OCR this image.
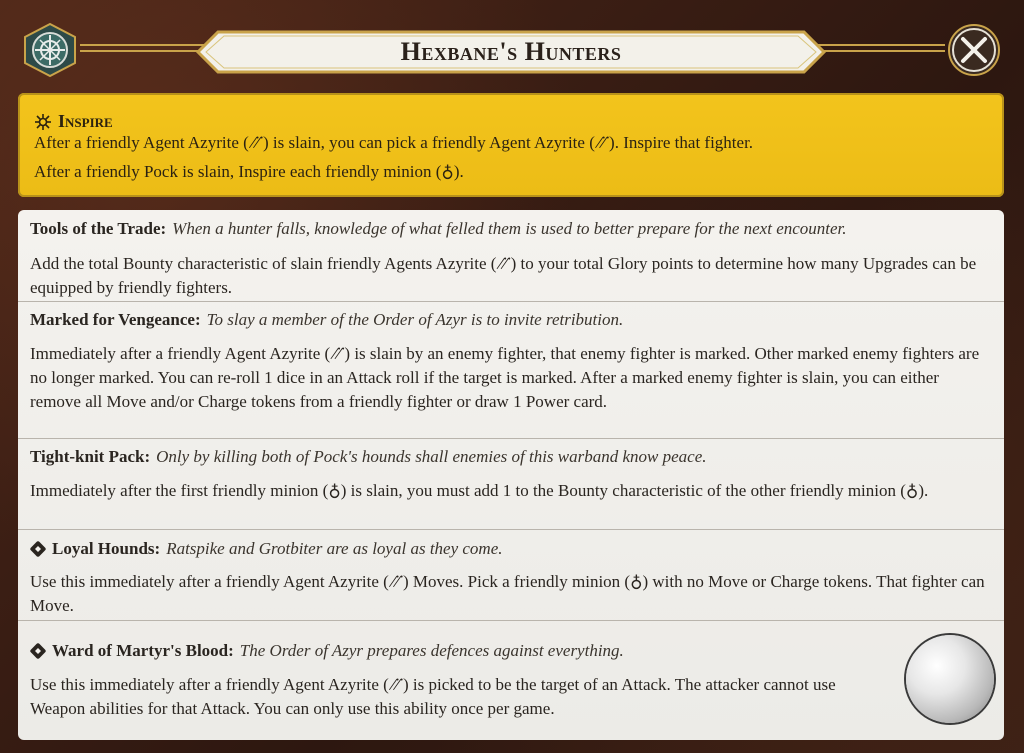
Hexbane's Hunters
Inspire
After a friendly Agent Azyrite (⳼) is slain, you can pick a friendly Agent Azyrite (⳼). Inspire that fighter.
After a friendly Pock is slain, Inspire each friendly minion (♁).
Tools of the Trade: When a hunter falls, knowledge of what felled them is used to better prepare for the next encounter.
Add the total Bounty characteristic of slain friendly Agents Azyrite (⳼) to your total Glory points to determine how many Upgrades can be equipped by friendly fighters.
Marked for Vengeance: To slay a member of the Order of Azyr is to invite retribution.
Immediately after a friendly Agent Azyrite (⳼) is slain by an enemy fighter, that enemy fighter is marked. Other marked enemy fighters are no longer marked. You can re-roll 1 dice in an Attack roll if the target is marked. After a marked enemy fighter is slain, you can either remove all Move and/or Charge tokens from a friendly fighter or draw 1 Power card.
Tight-knit Pack: Only by killing both of Pock's hounds shall enemies of this warband know peace.
Immediately after the first friendly minion (♁) is slain, you must add 1 to the Bounty characteristic of the other friendly minion (♁).
Loyal Hounds: Ratspike and Grotbiter are as loyal as they come.
Use this immediately after a friendly Agent Azyrite (⳼) Moves. Pick a friendly minion (♁) with no Move or Charge tokens. That fighter can Move.
Ward of Martyr's Blood: The Order of Azyr prepares defences against everything.
Use this immediately after a friendly Agent Azyrite (⳼) is picked to be the target of an Attack. The attacker cannot use Weapon abilities for that Attack. You can only use this ability once per game.
